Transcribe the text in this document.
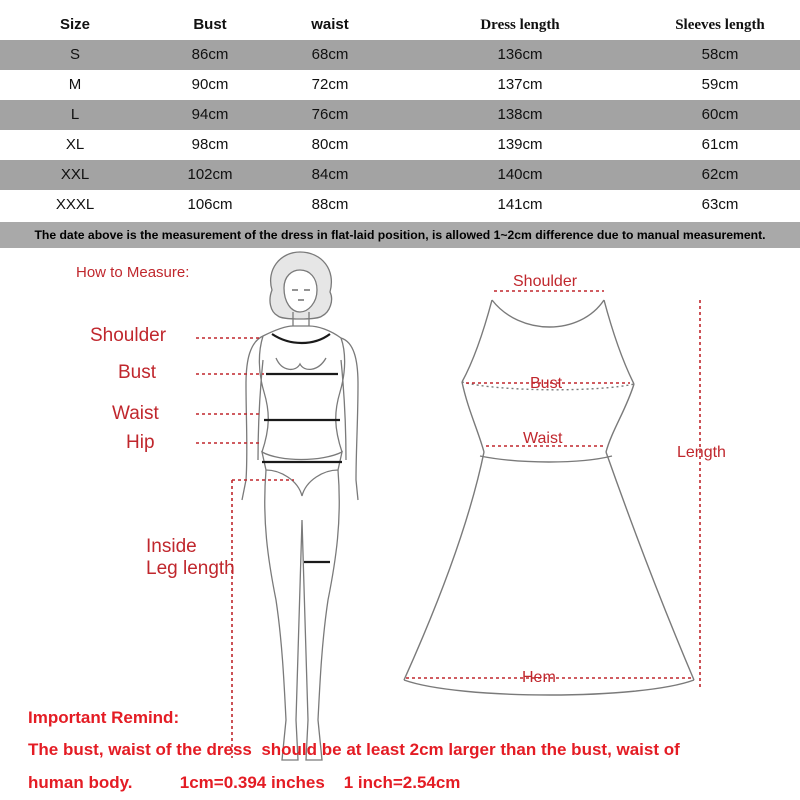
Size	Bust	waist	Dress length	Sleeves length
S	86cm	68cm	136cm	58cm
M	90cm	72cm	137cm	59cm
L	94cm	76cm	138cm	60cm
XL	98cm	80cm	139cm	61cm
XXL	102cm	84cm	140cm	62cm
XXXL	106cm	88cm	141cm	63cm
The date above is the measurement of the dress in flat-laid position, is allowed 1~2cm difference due to manual measurement.
How to Measure:
Shoulder
Bust
Waist
Hip
Inside
Leg length
Shoulder
Bust
Waist
Length
Hem
Important Remind:
The bust, waist of the dress  should be at least 2cm larger than the bust, waist of
human body.          1cm=0.394 inches    1 inch=2.54cm
